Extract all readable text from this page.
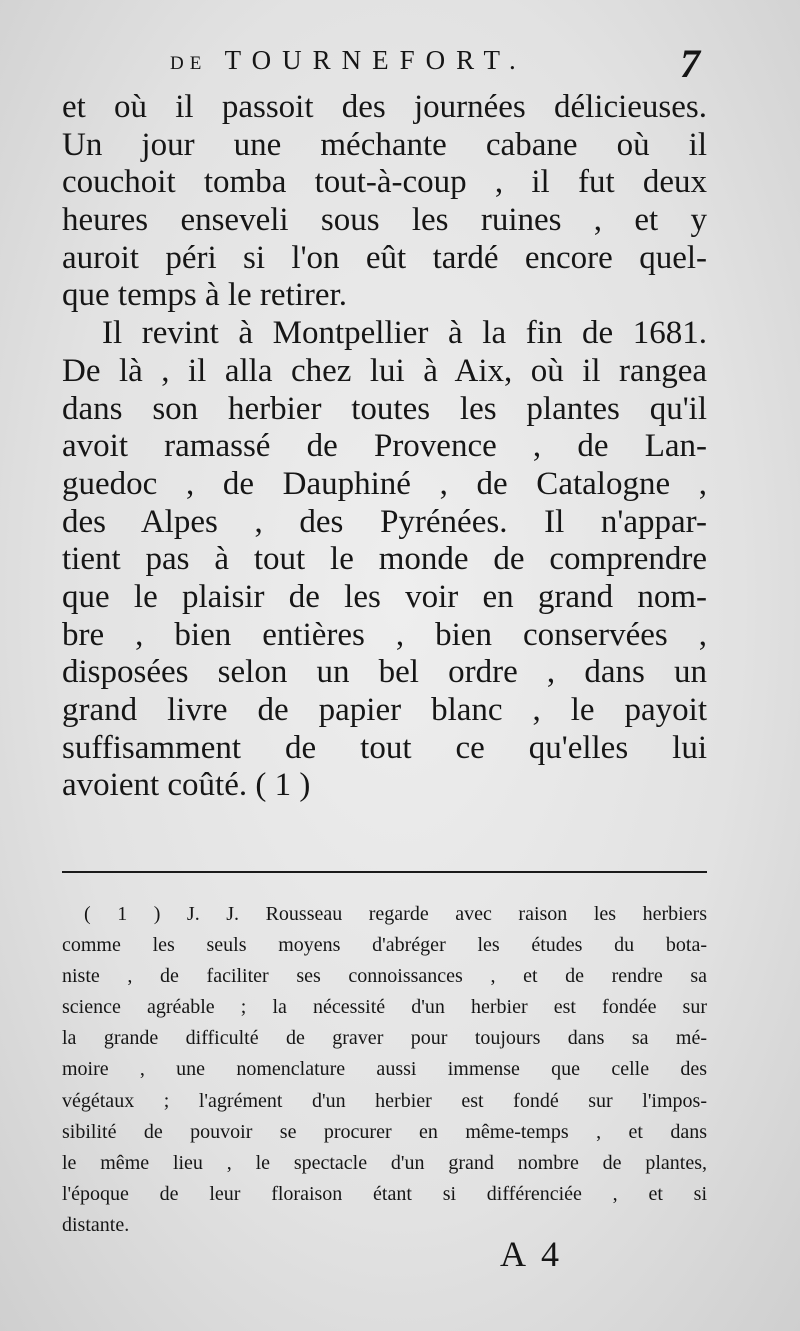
DE TOURNEFORT.	7
et où il passoit des journées délicieuses.
Un jour une méchante cabane où il
couchoit tomba tout-à-coup , il fut deux
heures enseveli sous les ruines , et y
auroit péri si l'on eût tardé encore quel-
que temps à le retirer.
Il revint à Montpellier à la fin de 1681.
De là , il alla chez lui à Aix, où il rangea
dans son herbier toutes les plantes qu'il
avoit ramassé de Provence , de Lan-
guedoc , de Dauphiné , de Catalogne ,
des Alpes , des Pyrénées. Il n'appar-
tient pas à tout le monde de comprendre
que le plaisir de les voir en grand nom-
bre , bien entières , bien conservées ,
disposées selon un bel ordre , dans un
grand livre de papier blanc , le payoit
suffisamment de tout ce qu'elles lui
avoient coûté. ( 1 )
( 1 ) J. J. Rousseau regarde avec raison les herbiers
comme les seuls moyens d'abréger les études du bota-
niste , de faciliter ses connoissances , et de rendre sa
science agréable ; la nécessité d'un herbier est fondée sur
la grande difficulté de graver pour toujours dans sa mé-
moire , une nomenclature aussi immense que celle des
végétaux ; l'agrément d'un herbier est fondé sur l'impos-
sibilité de pouvoir se procurer en même-temps , et dans
le même lieu , le spectacle d'un grand nombre de plantes,
l'époque de leur floraison étant si différenciée , et si
distante.
A 4
